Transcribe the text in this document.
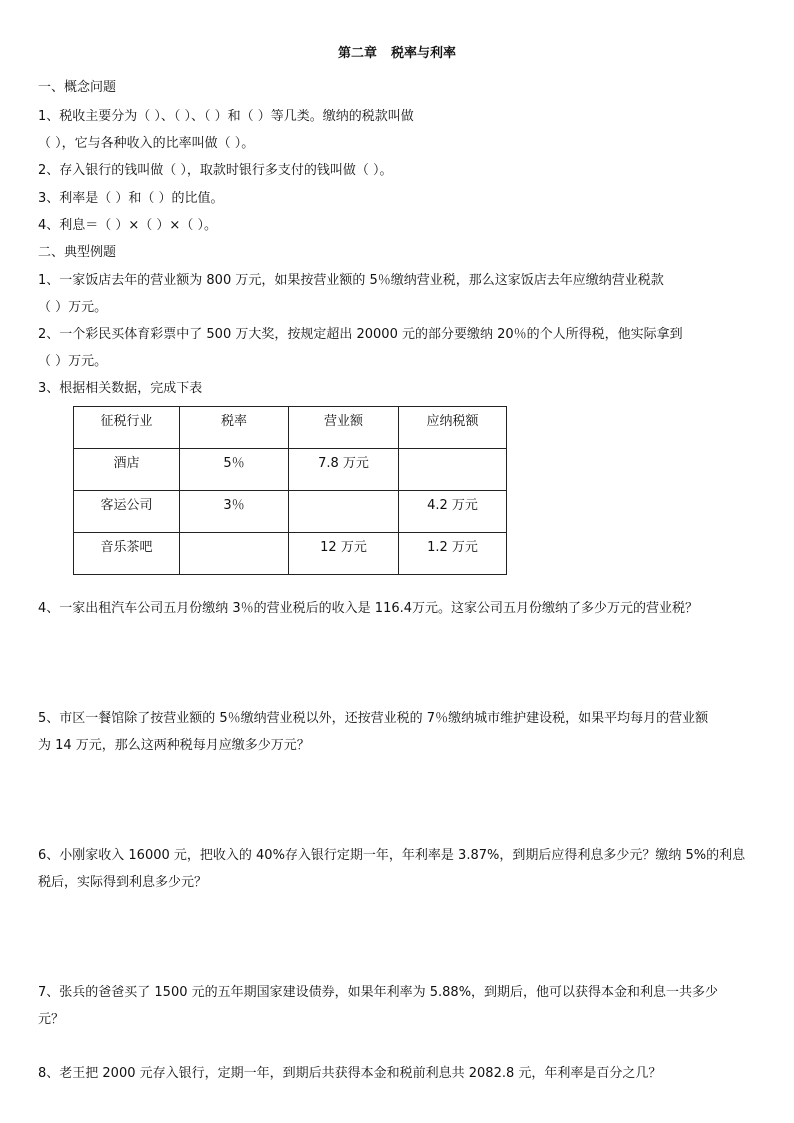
第二章 税率与利率
一、概念问题
1、税收主要分为（ ）、（ ）、（ ）和（ ）等几类。缴纳的税款叫做
（ ），它与各种收入的比率叫做（ ）。
2、存入银行的钱叫做（ ），取款时银行多支付的钱叫做（ ）。
3、利率是（ ）和（ ）的比值。
4、利息＝（ ）×（ ）×（ ）。
二、典型例题
1、一家饭店去年的营业额为 800 万元，如果按营业额的 5％缴纳营业税，那么这家饭店去年应缴纳营业税款
（ ）万元。
2、一个彩民买体育彩票中了 500 万大奖，按规定超出 20000 元的部分要缴纳 20％的个人所得税，他实际拿到
（ ）万元。
3、根据相关数据，完成下表
征税行业	税率	营业额	应纳税额

酒店	5％	7.8 万元	

客运公司	3％		4.2 万元

音乐茶吧		12 万元	1.2 万元
4、一家出租汽车公司五月份缴纳 3％的营业税后的收入是 116.4万元。这家公司五月份缴纳了多少万元的营业税？
5、市区一餐馆除了按营业额的 5％缴纳营业税以外，还按营业税的 7％缴纳城市维护建设税，如果平均每月的营业额
为 14 万元，那么这两种税每月应缴多少万元？
6、小刚家收入 16000 元，把收入的 40%存入银行定期一年，年利率是 3.87%，到期后应得利息多少元？缴纳 5%的利息
税后，实际得到利息多少元？
7、张兵的爸爸买了 1500 元的五年期国家建设债券，如果年利率为 5.88%，到期后，他可以获得本金和利息一共多少
元？
8、老王把 2000 元存入银行，定期一年，到期后共获得本金和税前利息共 2082.8 元，年利率是百分之几？
